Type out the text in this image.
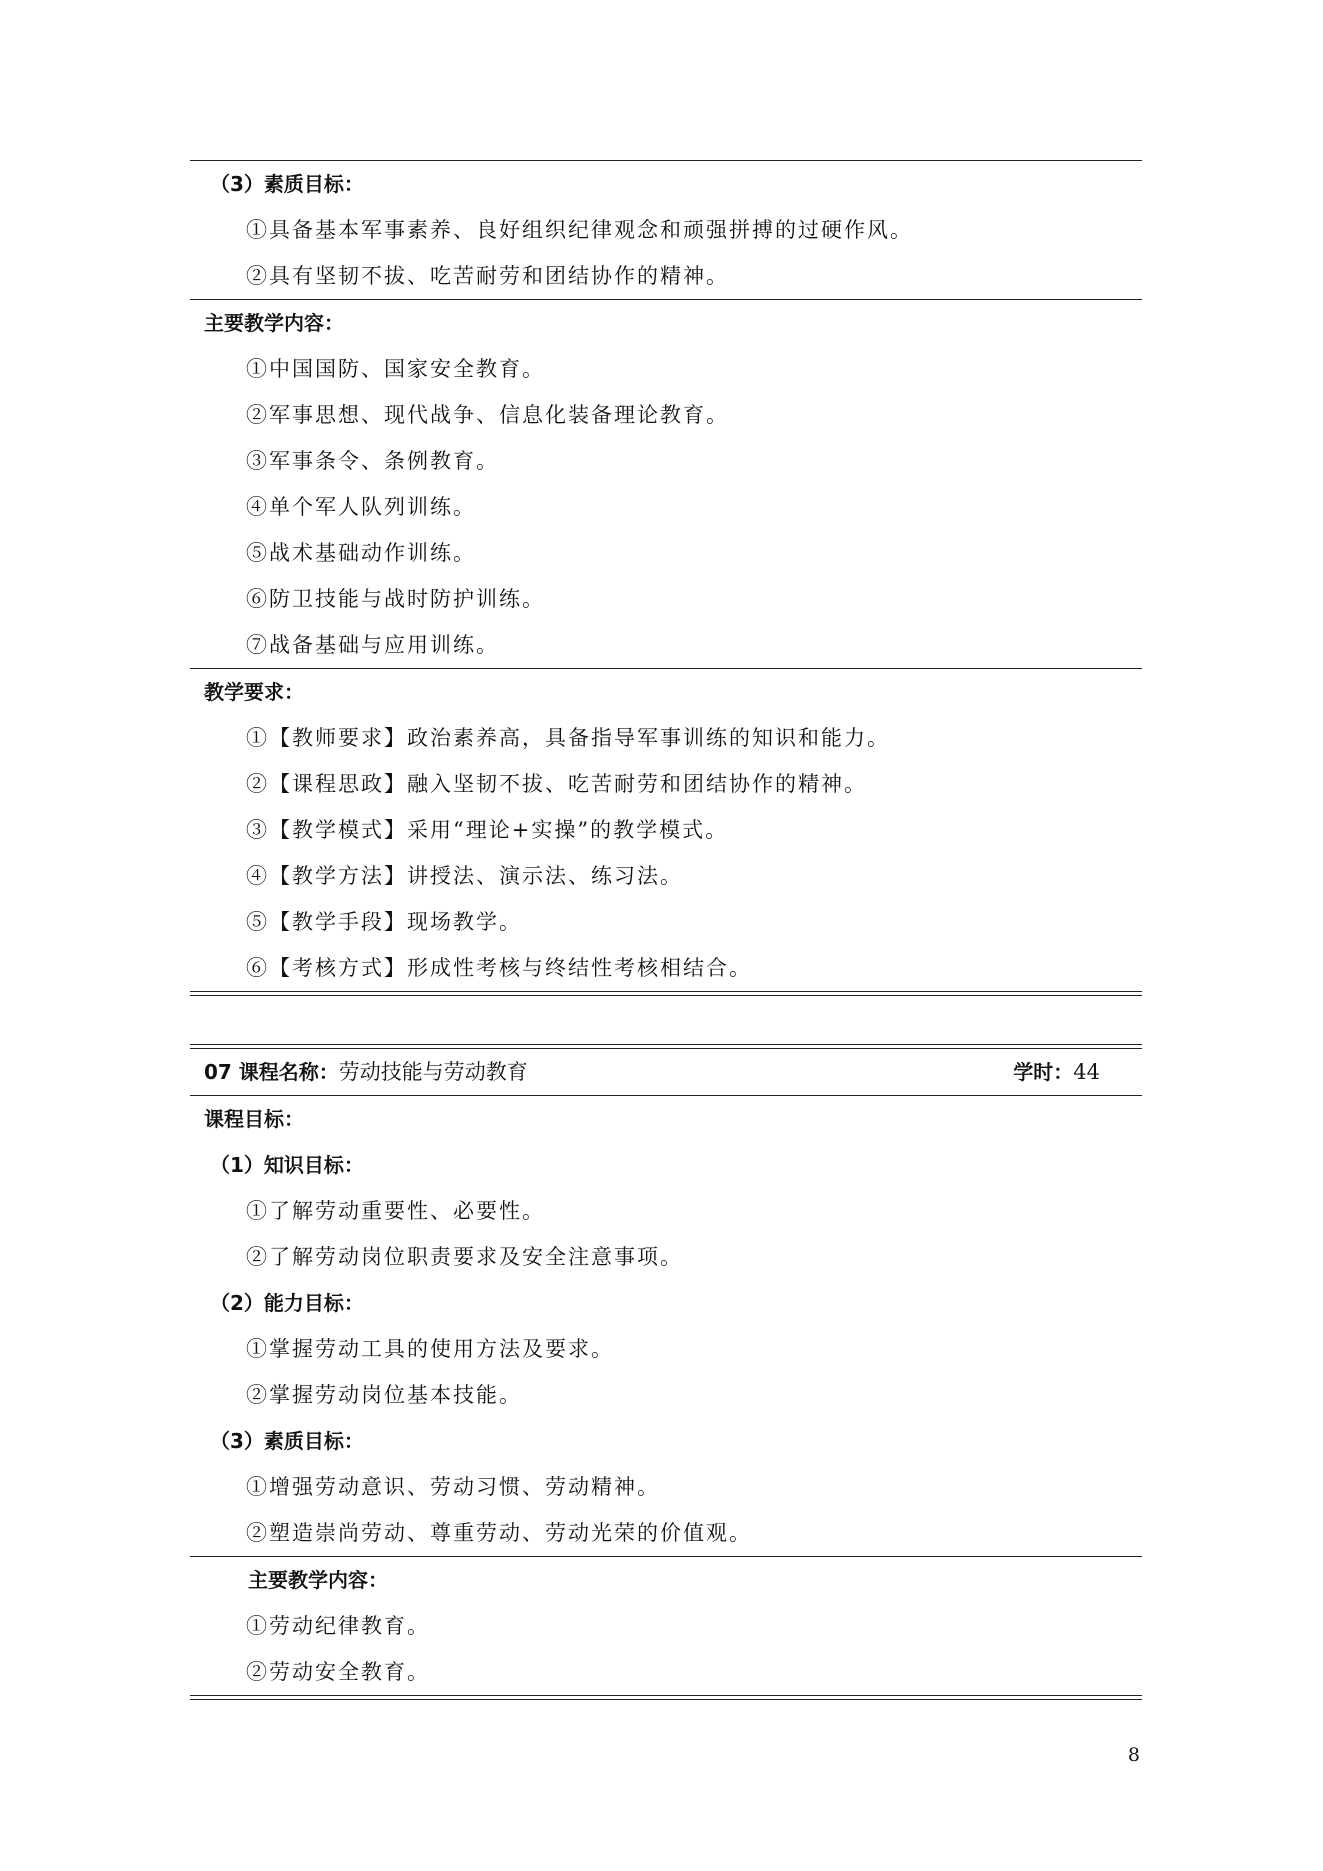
（3）素质目标：
①具备基本军事素养、良好组织纪律观念和顽强拼搏的过硬作风。
②具有坚韧不拔、吃苦耐劳和团结协作的精神。
主要教学内容：
①中国国防、国家安全教育。
②军事思想、现代战争、信息化装备理论教育。
③军事条令、条例教育。
④单个军人队列训练。
⑤战术基础动作训练。
⑥防卫技能与战时防护训练。
⑦战备基础与应用训练。
教学要求：
①【教师要求】政治素养高，具备指导军事训练的知识和能力。
②【课程思政】融入坚韧不拔、吃苦耐劳和团结协作的精神。
③【教学模式】采用“理论+实操”的教学模式。
④【教学方法】讲授法、演示法、练习法。
⑤【教学手段】现场教学。
⑥【考核方式】形成性考核与终结性考核相结合。
07 课程名称：劳动技能与劳动教育	学时：44
课程目标：
（1）知识目标：
①了解劳动重要性、必要性。
②了解劳动岗位职责要求及安全注意事项。
（2）能力目标：
①掌握劳动工具的使用方法及要求。
②掌握劳动岗位基本技能。
（3）素质目标：
①增强劳动意识、劳动习惯、劳动精神。
②塑造崇尚劳动、尊重劳动、劳动光荣的价值观。
主要教学内容：
①劳动纪律教育。
②劳动安全教育。
8
